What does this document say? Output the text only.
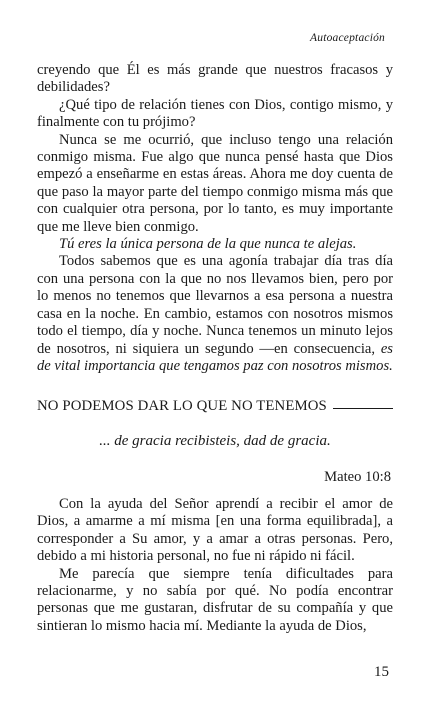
Autoaceptación

creyendo que Él es más grande que nuestros fracasos y debilidades?

¿Qué tipo de relación tienes con Dios, contigo mismo, y finalmente con tu prójimo?

Nunca se me ocurrió, que incluso tengo una relación conmigo misma. Fue algo que nunca pensé hasta que Dios empezó a enseñarme en estas áreas. Ahora me doy cuenta de que paso la mayor parte del tiempo conmigo misma más que con cualquier otra persona, por lo tanto, es muy importante que me lleve bien conmigo.

Tú eres la única persona de la que nunca te alejas.

Todos sabemos que es una agonía trabajar día tras día con una persona con la que no nos llevamos bien, pero por lo menos no tenemos que llevarnos a esa persona a nuestra casa en la noche. En cambio, estamos con nosotros mismos todo el tiempo, día y noche. Nunca tenemos un minuto lejos de nosotros, ni siquiera un segundo —en consecuencia, es de vital importancia que tengamos paz con nosotros mismos.

NO PODEMOS DAR LO QUE NO TENEMOS
... de gracia recibisteis, dad de gracia.
Mateo 10:8

Con la ayuda del Señor aprendí a recibir el amor de Dios, a amarme a mí misma [en una forma equilibrada], a corresponder a Su amor, y a amar a otras personas. Pero, debido a mi historia personal, no fue ni rápido ni fácil.

Me parecía que siempre tenía dificultades para relacionarme, y no sabía por qué. No podía encontrar personas que me gustaran, disfrutar de su compañía y que sintieran lo mismo hacia mí. Mediante la ayuda de Dios,

15
